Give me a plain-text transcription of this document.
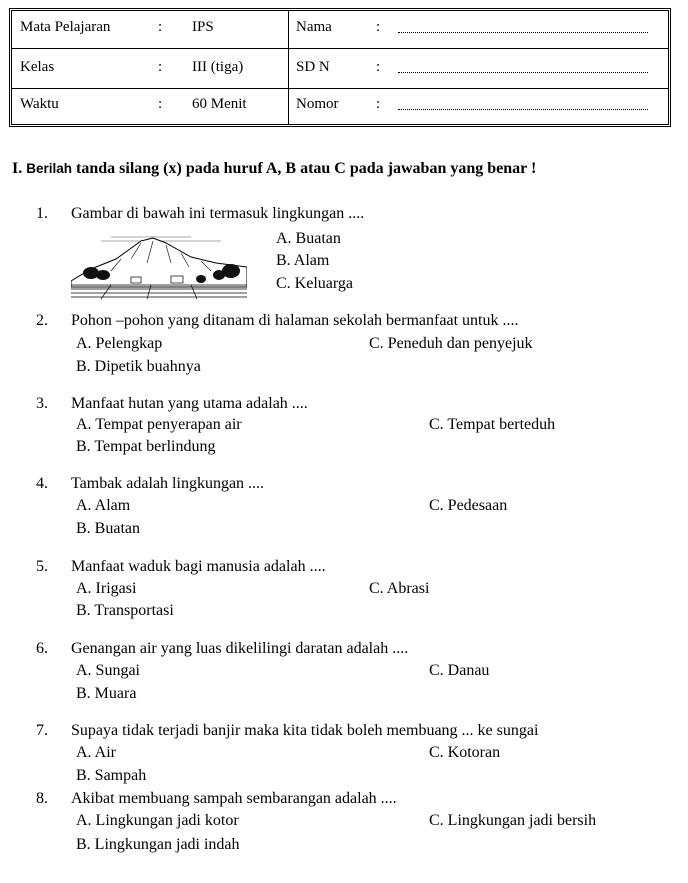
Mata Pelajaran	: IPS	Nama	:
Kelas	: III (tiga)	SD N	:
Waktu	: 60 Menit	Nomor	:
I. Berilah tanda silang (x) pada huruf A, B atau C pada jawaban yang benar !
1. Gambar di bawah ini termasuk lingkungan ....
A. Buatan
B. Alam
C. Keluarga
2. Pohon –pohon yang ditanam di halaman sekolah bermanfaat untuk ....
A. Pelengkap	C. Peneduh dan penyejuk
B. Dipetik buahnya
3. Manfaat hutan yang utama adalah ....
A. Tempat penyerapan air	C. Tempat berteduh
B. Tempat berlindung
4. Tambak adalah lingkungan ....
A. Alam	C. Pedesaan
B. Buatan
5. Manfaat waduk bagi manusia adalah ....
A. Irigasi	C. Abrasi
B. Transportasi
6. Genangan air yang luas dikelilingi daratan adalah ....
A. Sungai	C. Danau
B. Muara
7. Supaya tidak terjadi banjir maka kita tidak boleh membuang ... ke sungai
A. Air	C. Kotoran
B. Sampah
8. Akibat membuang sampah sembarangan adalah ....
A. Lingkungan jadi kotor	C. Lingkungan jadi bersih
B. Lingkungan jadi indah
